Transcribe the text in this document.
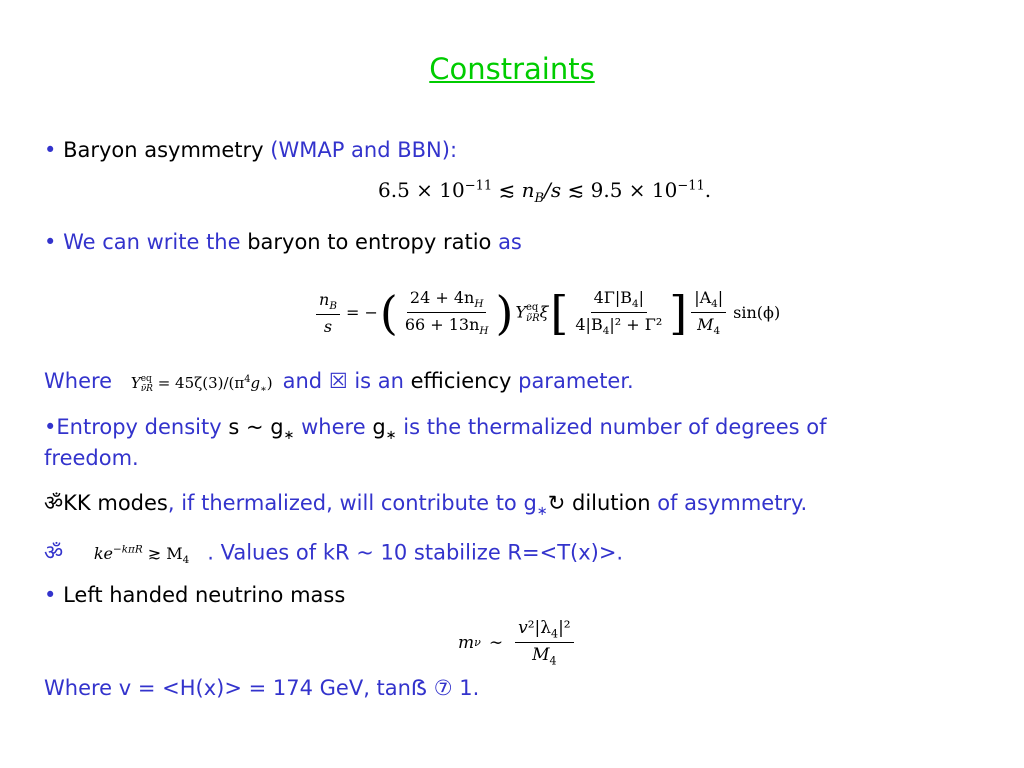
Constraints
• Baryon asymmetry (WMAP and BBN):
$6.5 \times 10^{-11}$ ≲ $n_B/s$ ≲ $9.5 \times 10^{-11}$.
• We can write the baryon to entropy ratio as
$\frac{n_B}{s}$ = − ( $\frac{24 + 4n_H}{66 + 13n_H}$ ) Y eq
ν̃R ξ [ $\frac{4\Gamma|B_4|}{4|B_4|^2 + \Gamma^2}$ ] $\frac{|A_4|}{M_4} \sin(\phi)$
Where Y eq
ν̃R = $45\zeta(3)/(\pi^4g_∗)$ and ☒ is an efficiency parameter.
•Entropy density s ~ $g_∗$ where $g_∗$ is the thermalized number of degrees of
freedom.
ॐKK modes, if thermalized, will contribute to $g_∗↻$ dilution of asymmetry.
ॐ $ke^{-k\pi R}$ ≳ $M_4$ . Values of kR ~ 10 stabilize R=<T(x)>.
• Left handed neutrino mass
m ν ∼ $\frac{v^2|\lambda_4|^2}{M_4}$
Where v = <H(x)> = 174 GeV, tanẞ ⑦ 1.
